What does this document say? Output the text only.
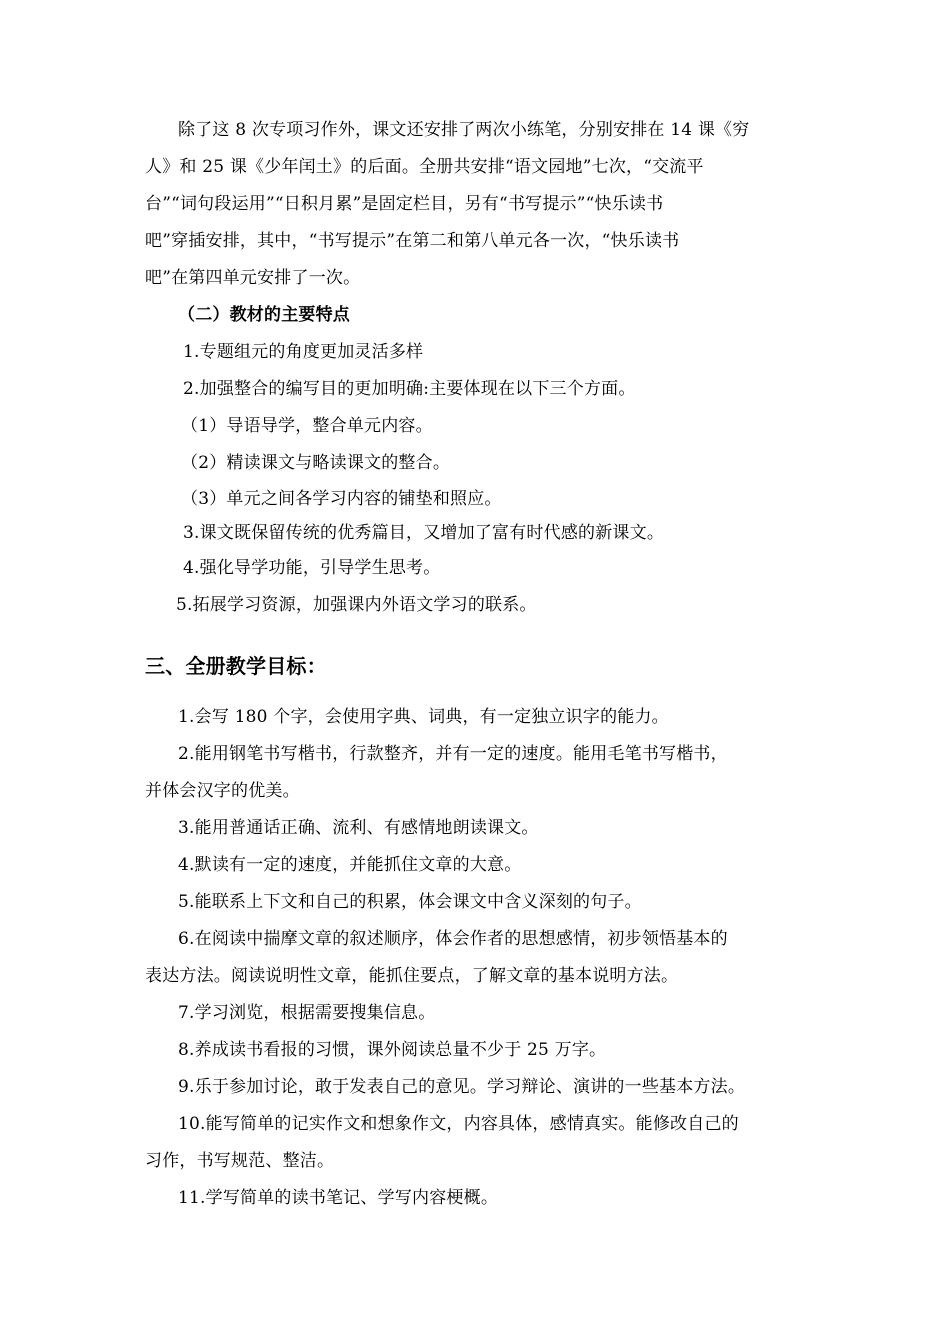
除了这 8 次专项习作外，课文还安排了两次小练笔，分别安排在 14 课《穷
人》和 25 课《少年闰土》的后面。全册共安排“语文园地”七次，“交流平
台”“词句段运用”“日积月累”是固定栏目，另有“书写提示”“快乐读书
吧”穿插安排，其中，“书写提示”在第二和第八单元各一次，“快乐读书
吧”在第四单元安排了一次。
（二）教材的主要特点
1.专题组元的角度更加灵活多样
2.加强整合的编写目的更加明确:主要体现在以下三个方面。
（1）导语导学，整合单元内容。
（2）精读课文与略读课文的整合。
（3）单元之间各学习内容的铺垫和照应。
3.课文既保留传统的优秀篇目，又增加了富有时代感的新课文。
4.强化导学功能，引导学生思考。
5.拓展学习资源，加强课内外语文学习的联系。
三、全册教学目标：
1.会写 180 个字，会使用字典、词典，有一定独立识字的能力。
2.能用钢笔书写楷书，行款整齐，并有一定的速度。能用毛笔书写楷书，
并体会汉字的优美。
3.能用普通话正确、流利、有感情地朗读课文。
4.默读有一定的速度，并能抓住文章的大意。
5.能联系上下文和自己的积累，体会课文中含义深刻的句子。
6.在阅读中揣摩文章的叙述顺序，体会作者的思想感情，初步领悟基本的
表达方法。阅读说明性文章，能抓住要点，了解文章的基本说明方法。
7.学习浏览，根据需要搜集信息。
8.养成读书看报的习惯，课外阅读总量不少于 25 万字。
9.乐于参加讨论，敢于发表自己的意见。学习辩论、演讲的一些基本方法。
10.能写简单的记实作文和想象作文，内容具体，感情真实。能修改自己的
习作，书写规范、整洁。
11.学写简单的读书笔记、学写内容梗概。
